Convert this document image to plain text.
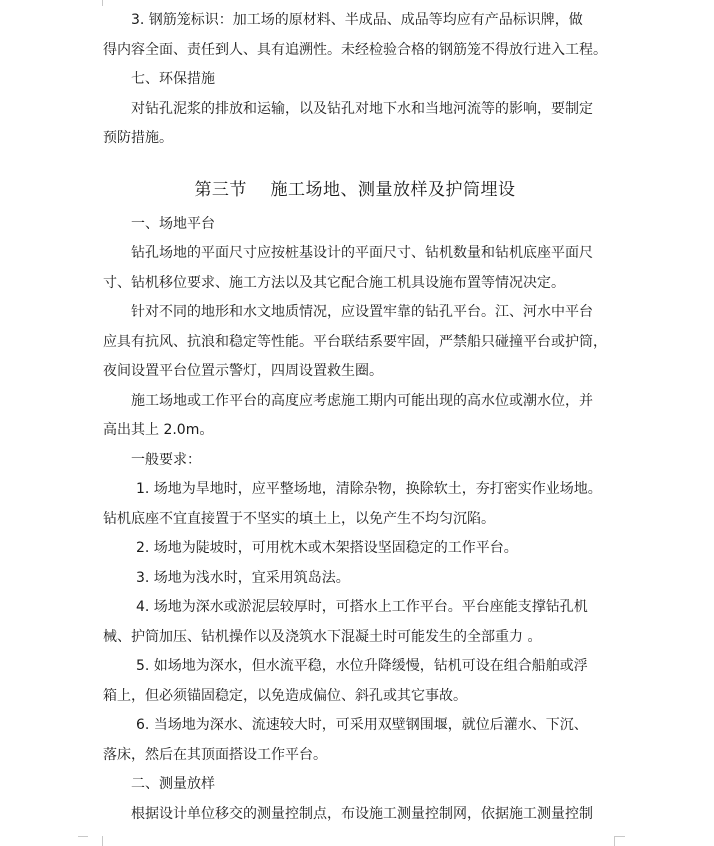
3. 钢筋笼标识：加工场的原材料、半成品、成品等均应有产品标识牌，做
得内容全面、责任到人、具有追溯性。未经检验合格的钢筋笼不得放行进入工程。
七、环保措施
对钻孔泥浆的排放和运输，以及钻孔对地下水和当地河流等的影响，要制定
预防措施。
第三节    施工场地、测量放样及护筒埋设
一、场地平台
钻孔场地的平面尺寸应按桩基设计的平面尺寸、钻机数量和钻机底座平面尺
寸、钻机移位要求、施工方法以及其它配合施工机具设施布置等情况决定。
针对不同的地形和水文地质情况，应设置牢靠的钻孔平台。江、河水中平台
应具有抗风、抗浪和稳定等性能。平台联结系要牢固，严禁船只碰撞平台或护筒，
夜间设置平台位置示警灯，四周设置救生圈。
施工场地或工作平台的高度应考虑施工期内可能出现的高水位或潮水位，并
高出其上 2.0m。
一般要求：
1. 场地为旱地时，应平整场地，清除杂物，换除软土，夯打密实作业场地。
钻机底座不宜直接置于不坚实的填土上，以免产生不均匀沉陷。
2. 场地为陡坡时，可用枕木或木架搭设坚固稳定的工作平台。
3. 场地为浅水时，宜采用筑岛法。
4. 场地为深水或淤泥层较厚时，可搭水上工作平台。平台座能支撑钻孔机
械、护筒加压、钻机操作以及浇筑水下混凝土时可能发生的全部重力 。
5. 如场地为深水，但水流平稳，水位升降缓慢，钻机可设在组合船舶或浮
箱上，但必须锚固稳定，以免造成偏位、斜孔或其它事故。
6. 当场地为深水、流速较大时，可采用双壁钢围堰，就位后灌水、下沉、
落床，然后在其顶面搭设工作平台。
二、测量放样
根据设计单位移交的测量控制点，布设施工测量控制网，依据施工测量控制
